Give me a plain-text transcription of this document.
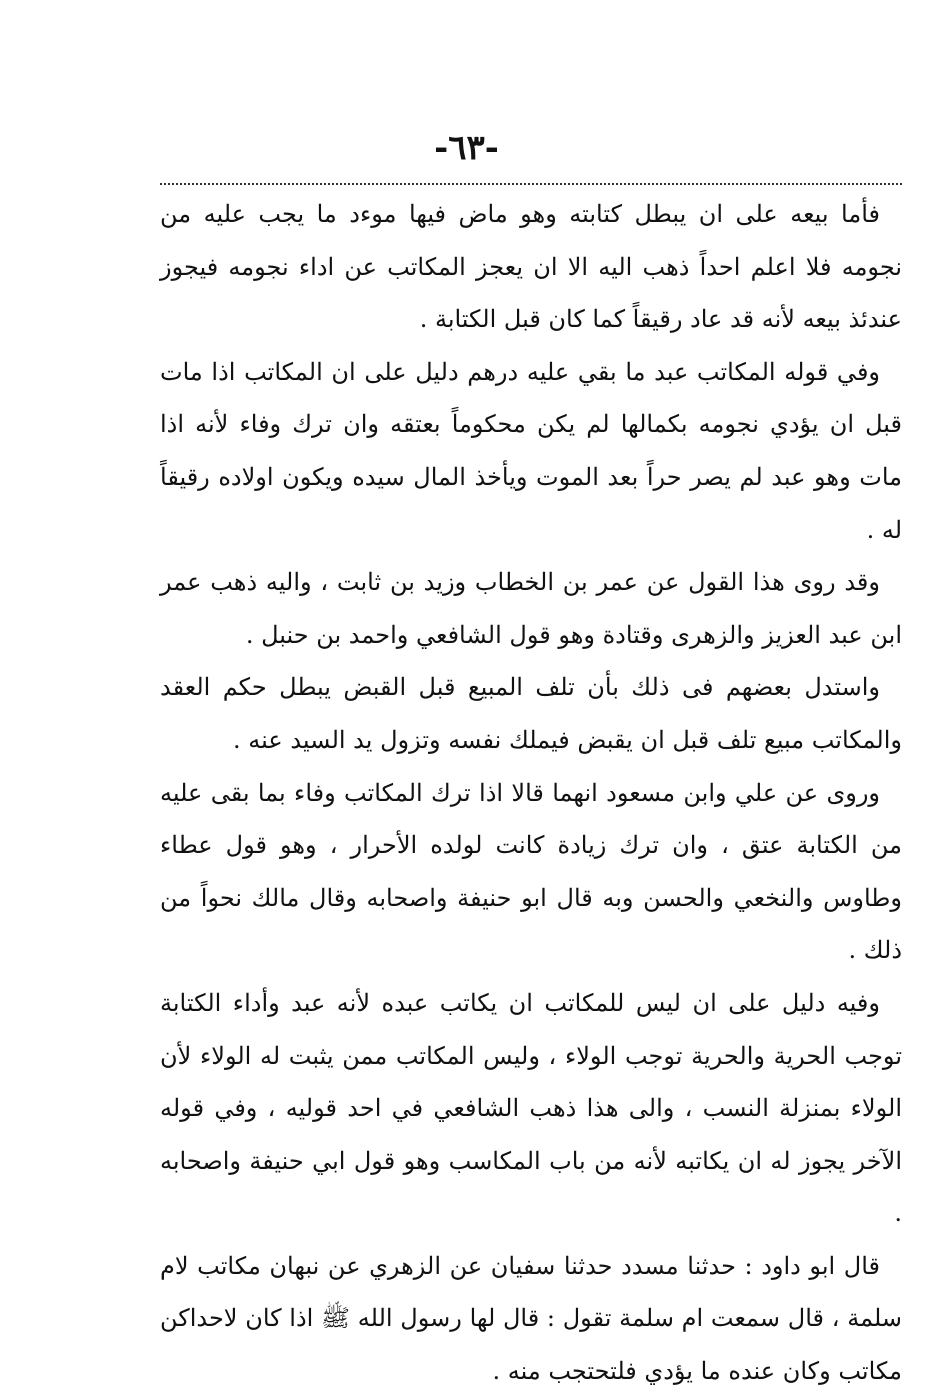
-٦٣-

فأما بيعه على ان يبطل كتابته وهو ماض فيها موءد ما يجب عليه من نجومه فلا اعلم احداً ذهب اليه الا ان يعجز المكاتب عن اداء نجومه فيجوز عندئذ بيعه لأنه قد عاد رقيقاً كما كان قبل الكتابة .

وفي قوله المكاتب عبد ما بقي عليه درهم دليل على ان المكاتب اذا مات قبل ان يؤدي نجومه بكمالها لم يكن محكوماً بعتقه وان ترك وفاء لأنه اذا مات وهو عبد لم يصر حراً بعد الموت ويأخذ المال سيده ويكون اولاده رقيقاً له .

وقد روى هذا القول عن عمر بن الخطاب وزيد بن ثابت ، واليه ذهب عمر ابن عبد العزيز والزهرى وقتادة وهو قول الشافعي واحمد بن حنبل .

واستدل بعضهم فى ذلك بأن تلف المبيع قبل القبض يبطل حكم العقد والمكاتب مبيع تلف قبل ان يقبض فيملك نفسه وتزول يد السيد عنه .

وروى عن علي وابن مسعود انهما قالا اذا ترك المكاتب وفاء بما بقى عليه من الكتابة عتق ، وان ترك زيادة كانت لولده الأحرار ، وهو قول عطاء وطاوس والنخعي والحسن وبه قال ابو حنيفة واصحابه وقال مالك نحواً من ذلك .

وفيه دليل على ان ليس للمكاتب ان يكاتب عبده لأنه عبد وأداء الكتابة توجب الحرية والحرية توجب الولاء ، وليس المكاتب ممن يثبت له الولاء لأن الولاء بمنزلة النسب ، والى هذا ذهب الشافعي في احد قوليه ، وفي قوله الآخر يجوز له ان يكاتبه لأنه من باب المكاسب وهو قول ابي حنيفة واصحابه .

قال ابو داود : حدثنا مسدد حدثنا سفيان عن الزهري عن نبهان مكاتب لام سلمة ، قال سمعت ام سلمة تقول : قال لها رسول الله ﷺ اذا كان لاحداكن مكاتب وكان عنده ما يؤدي فلتحتجب منه .
